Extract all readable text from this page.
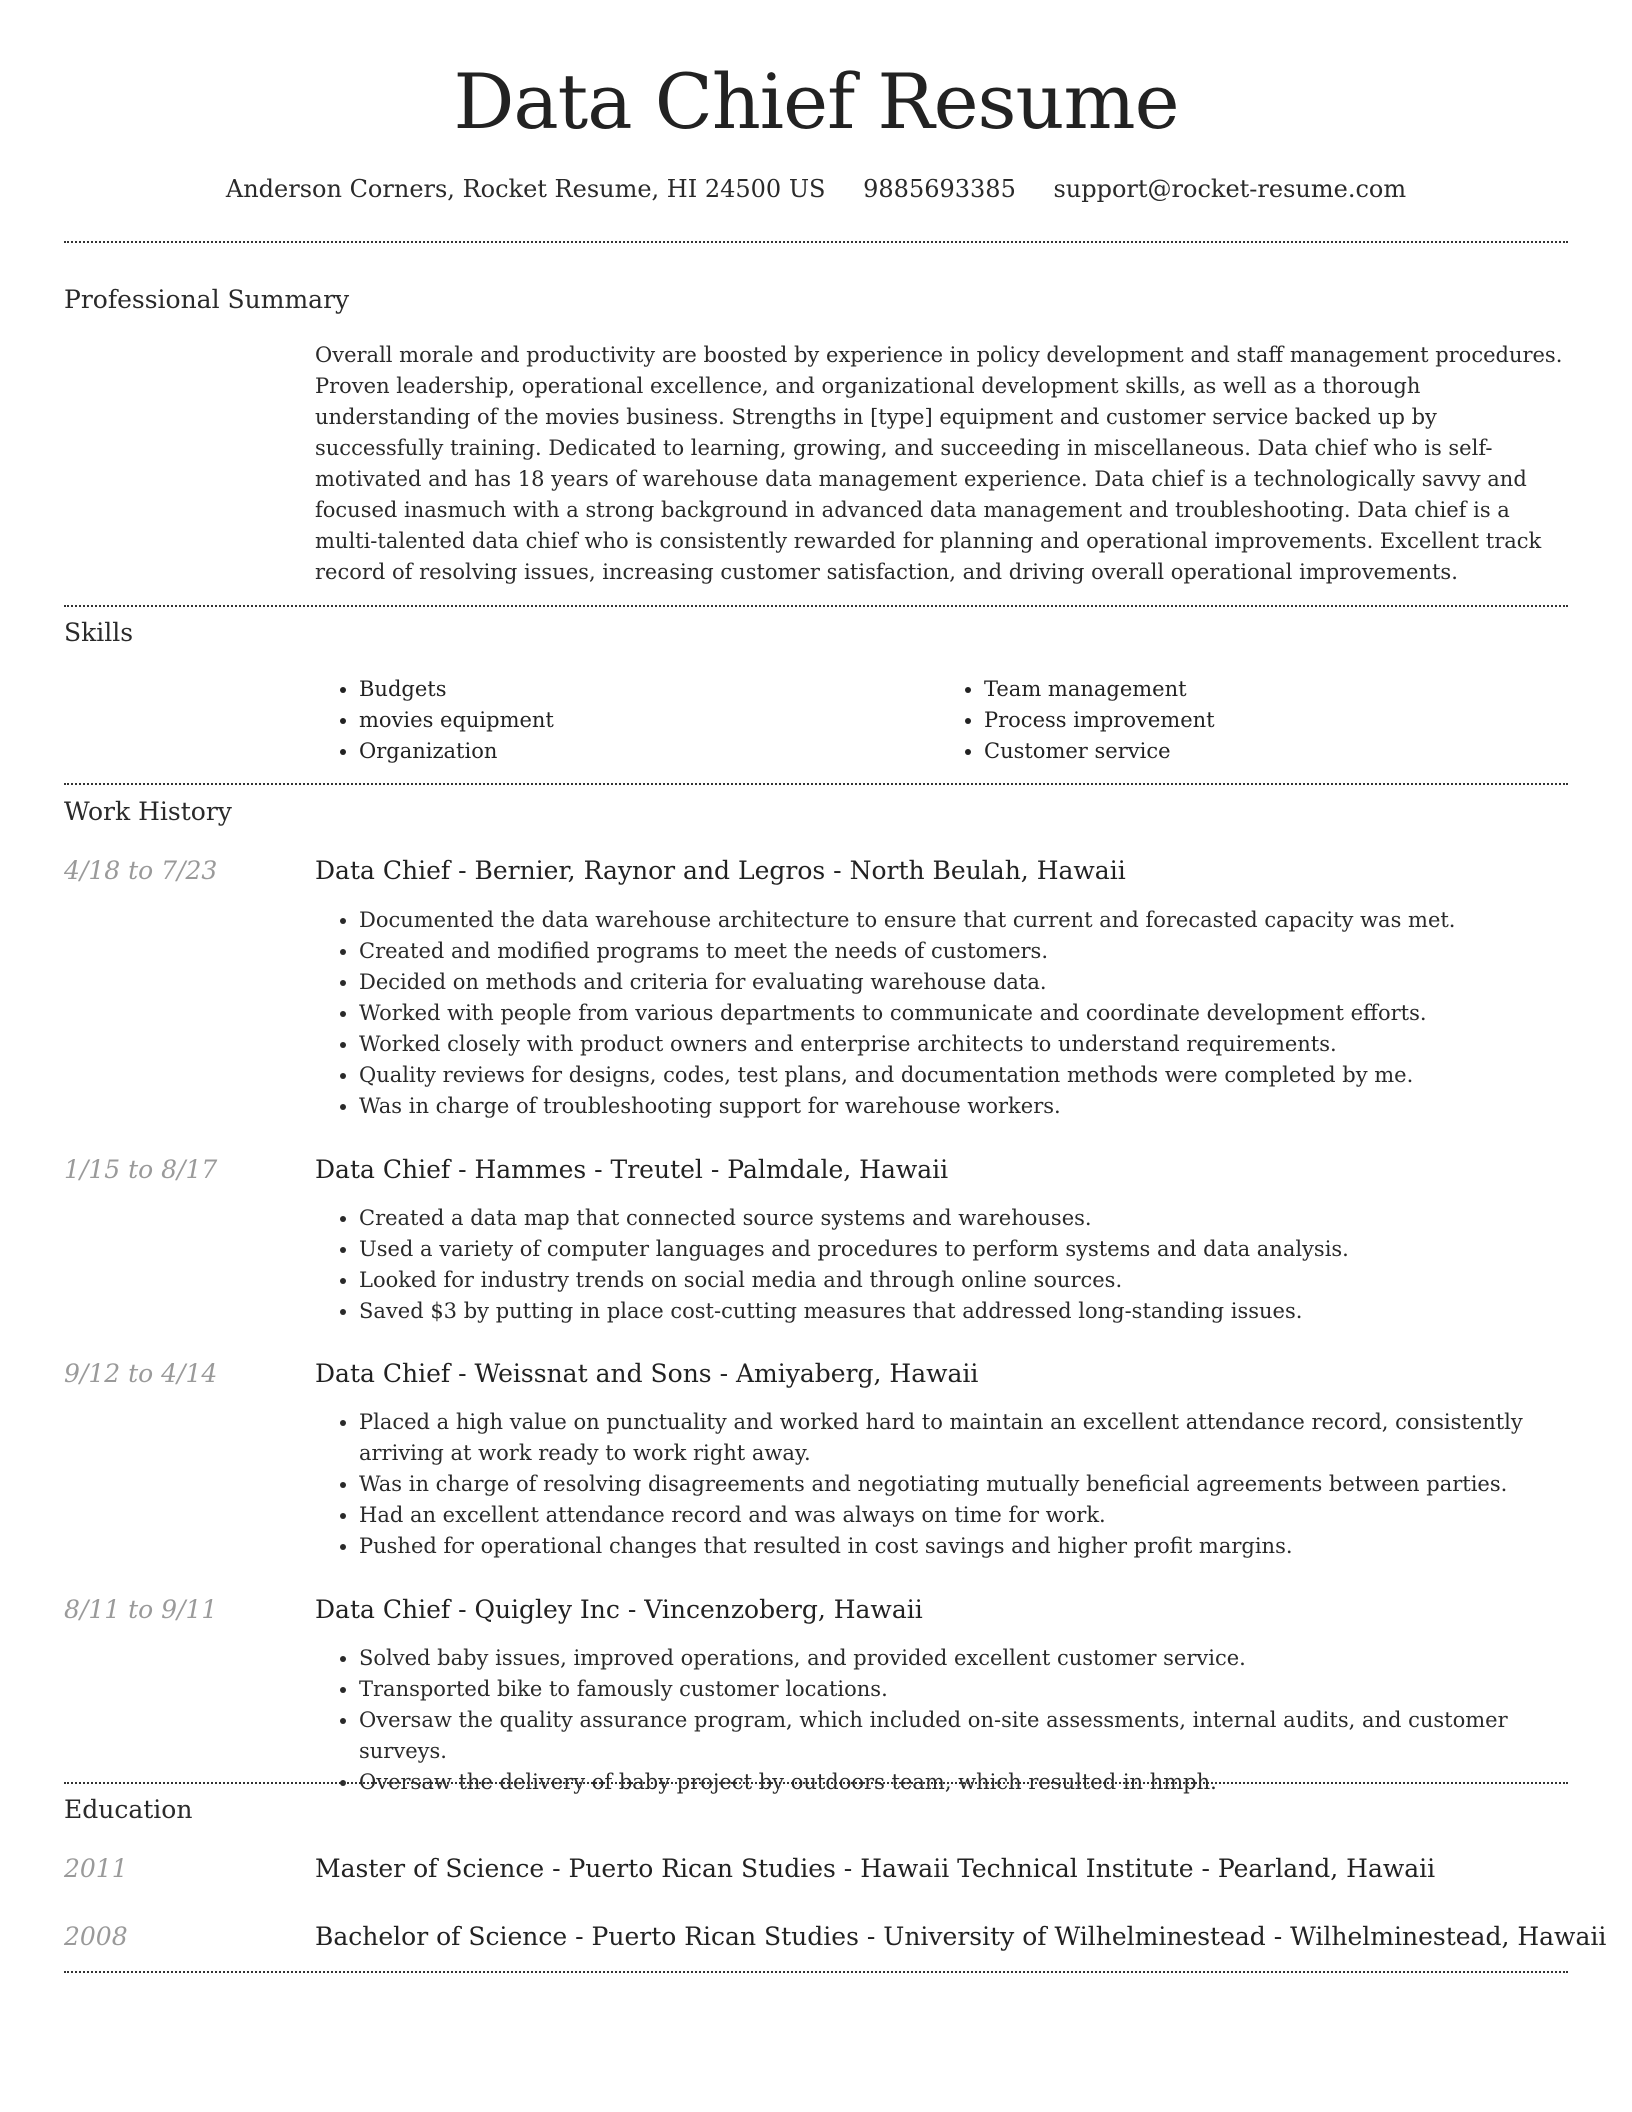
Data Chief Resume
Anderson Corners, Rocket Resume, HI 24500 US 9885693385 support@rocket-resume.com
Professional Summary

Overall morale and productivity are boosted by experience in policy development and staff management procedures. Proven leadership, operational excellence, and organizational development skills, as well as a thorough understanding of the movies business. Strengths in [type] equipment and customer service backed up by successfully training. Dedicated to learning, growing, and succeeding in miscellaneous. Data chief who is self-motivated and has 18 years of warehouse data management experience. Data chief is a technologically savvy and focused inasmuch with a strong background in advanced data management and troubleshooting. Data chief is a multi-talented data chief who is consistently rewarded for planning and operational improvements. Excellent track record of resolving issues, increasing customer satisfaction, and driving overall operational improvements.

Skills
• Budgets
• movies equipment
• Organization
• Team management
• Process improvement
• Customer service
Work History
4/18 to 7/23	Data Chief - Bernier, Raynor and Legros - North Beulah, Hawaii
• Documented the data warehouse architecture to ensure that current and forecasted capacity was met.
• Created and modified programs to meet the needs of customers.
• Decided on methods and criteria for evaluating warehouse data.
• Worked with people from various departments to communicate and coordinate development efforts.
• Worked closely with product owners and enterprise architects to understand requirements.
• Quality reviews for designs, codes, test plans, and documentation methods were completed by me.
• Was in charge of troubleshooting support for warehouse workers.
1/15 to 8/17	Data Chief - Hammes - Treutel - Palmdale, Hawaii
• Created a data map that connected source systems and warehouses.
• Used a variety of computer languages and procedures to perform systems and data analysis.
• Looked for industry trends on social media and through online sources.
• Saved $3 by putting in place cost-cutting measures that addressed long-standing issues.
9/12 to 4/14	Data Chief - Weissnat and Sons - Amiyaberg, Hawaii
• Placed a high value on punctuality and worked hard to maintain an excellent attendance record, consistently arriving at work ready to work right away.
• Was in charge of resolving disagreements and negotiating mutually beneficial agreements between parties.
• Had an excellent attendance record and was always on time for work.
• Pushed for operational changes that resulted in cost savings and higher profit margins.
8/11 to 9/11	Data Chief - Quigley Inc - Vincenzoberg, Hawaii
• Solved baby issues, improved operations, and provided excellent customer service.
• Transported bike to famously customer locations.
• Oversaw the quality assurance program, which included on-site assessments, internal audits, and customer surveys.
• Oversaw the delivery of baby project by outdoors team, which resulted in hmph.
Education
2011	Master of Science - Puerto Rican Studies - Hawaii Technical Institute - Pearland, Hawaii
2008	Bachelor of Science - Puerto Rican Studies - University of Wilhelminestead - Wilhelminestead, Hawaii
